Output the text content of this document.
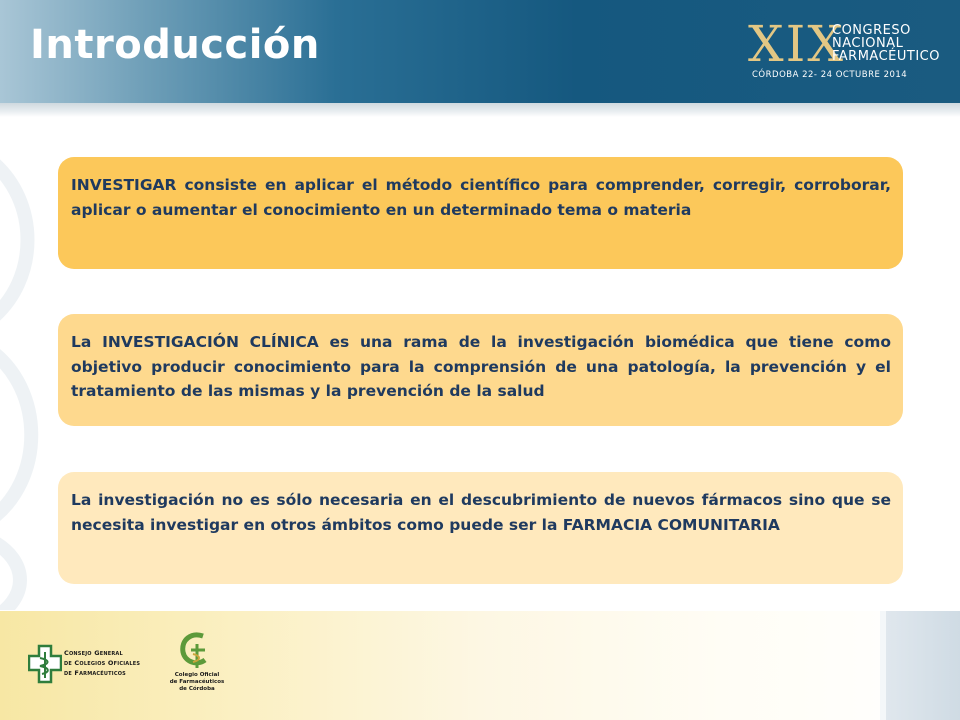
Introducción	XIX
CONGRESO
NACIONAL
FARMACÉUTICO
CÓRDOBA 22- 24 OCTUBRE 2014

INVESTIGAR consiste en aplicar el método científico para comprender, corregir, corroborar, aplicar o aumentar el conocimiento en un determinado tema o materia

La INVESTIGACIÓN CLÍNICA es una rama de la investigación biomédica que tiene como objetivo producir conocimiento para la comprensión de una patología, la prevención y el tratamiento de las mismas y la prevención de la salud

La investigación no es sólo necesaria en el descubrimiento de nuevos fármacos sino que se necesita investigar en otros ámbitos como puede ser la FARMACIA COMUNITARIA

Consejo General
de Colegios Oficiales
de Farmacéuticos	Colegio Oficial
de Farmacéuticos
de Córdoba
